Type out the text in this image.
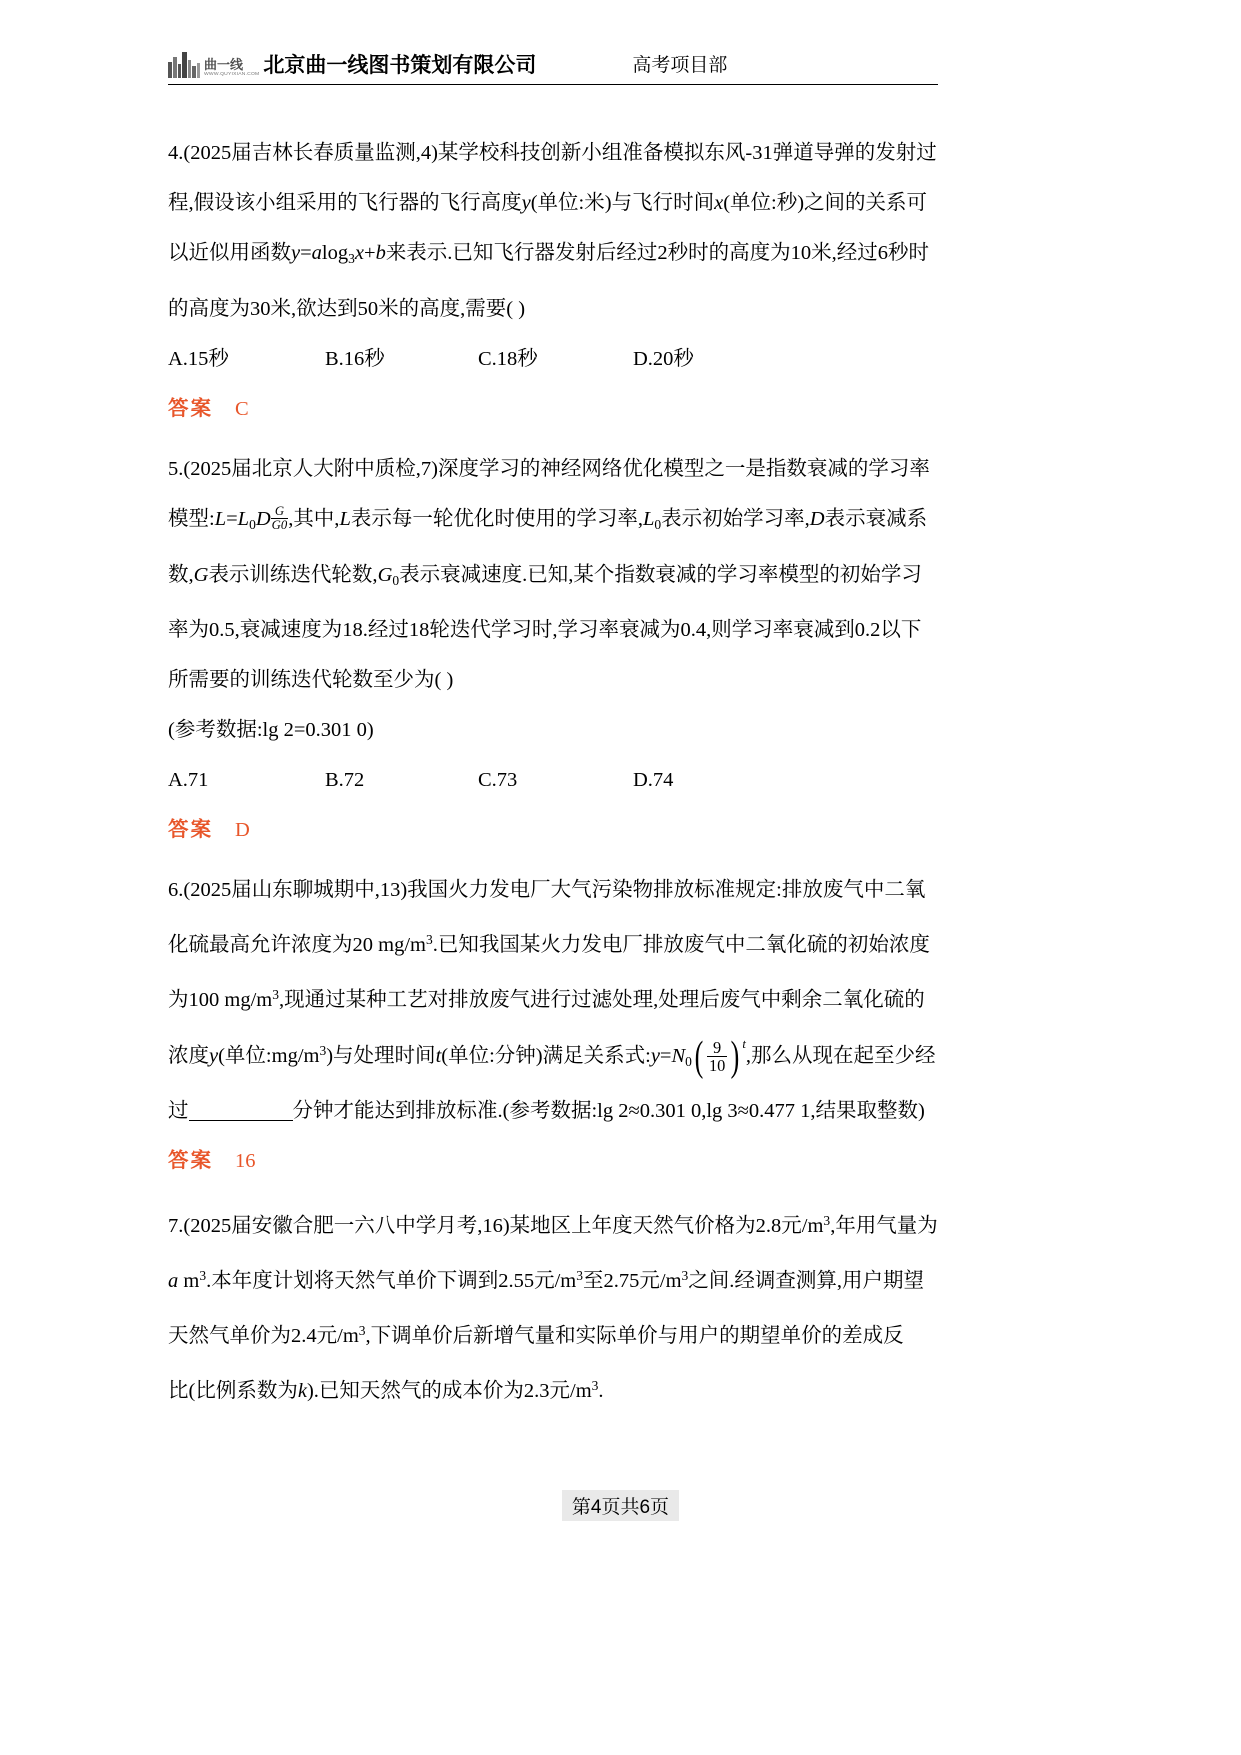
曲一线
WWW.QUYIXIAN.COM 北京曲一线图书策划有限公司	高考项目部
4.(2025届吉林长春质量监测,4)某学校科技创新小组准备模拟东风-31弹道导弹的发射过
程,假设该小组采用的飞行器的飞行高度y(单位:米)与飞行时间x(单位:秒)之间的关系可
以近似用函数y=alog$_3$x+b来表示.已知飞行器发射后经过2秒时的高度为10米,经过6秒时
的高度为30米,欲达到50米的高度,需要( )
A.15秒	B.16秒	C.18秒	D.20秒
答案 C
5.(2025届北京人大附中质检,7)深度学习的神经网络优化模型之一是指数衰减的学习率
模型$:L=L_0D \frac{G}{G0}$ ,其中,L表示每一轮优化时使用的学习率$,L_0$表示初始学习率,D表示衰减系
数,G表示训练迭代轮数$,G_0$表示衰减速度.已知,某个指数衰减的学习率模型的初始学习
率为0.5,衰减速度为18.经过18轮迭代学习时,学习率衰减为0.4,则学习率衰减到0.2以下
所需要的训练迭代轮数至少为( )
(参考数据:lg 2=0.301 0)
A.71	B.72	C.73	D.74
答案 D
6.(2025届山东聊城期中,13)我国火力发电厂大气污染物排放标准规定:排放废气中二氧
化硫最高允许浓度为20 $mg/m^3$.已知我国某火力发电厂排放废气中二氧化硫的初始浓度
为100 $mg/m^3$,现通过某种工艺对排放废气进行过滤处理,处理后废气中剩余二氧化硫的
浓度y(单位$:mg/m^3$)与处理时间t(单位:分钟)满足关系式$:y=N_0$ ( $\frac{9}{10}$ ) $^t$,那么从现在起至少经
过	分钟才能达到排放标准.(参考数据:lg 2≈0.301 0,lg 3≈0.477 1,结果取整数)
答案 16
7.(2025届安徽合肥一六八中学月考,16)某地区上年度天然气价格为2.8元$/m^3$,年用气量为
a $m^3$.本年度计划将天然气单价下调到2.55元$/m^3$至2.75元$/m^3$之间.经调查测算,用户期望
天然气单价为2.4元$/m^3$,下调单价后新增气量和实际单价与用户的期望单价的差成反
比(比例系数为k).已知天然气的成本价为2.3元$/m^3$.
第4页共6页
